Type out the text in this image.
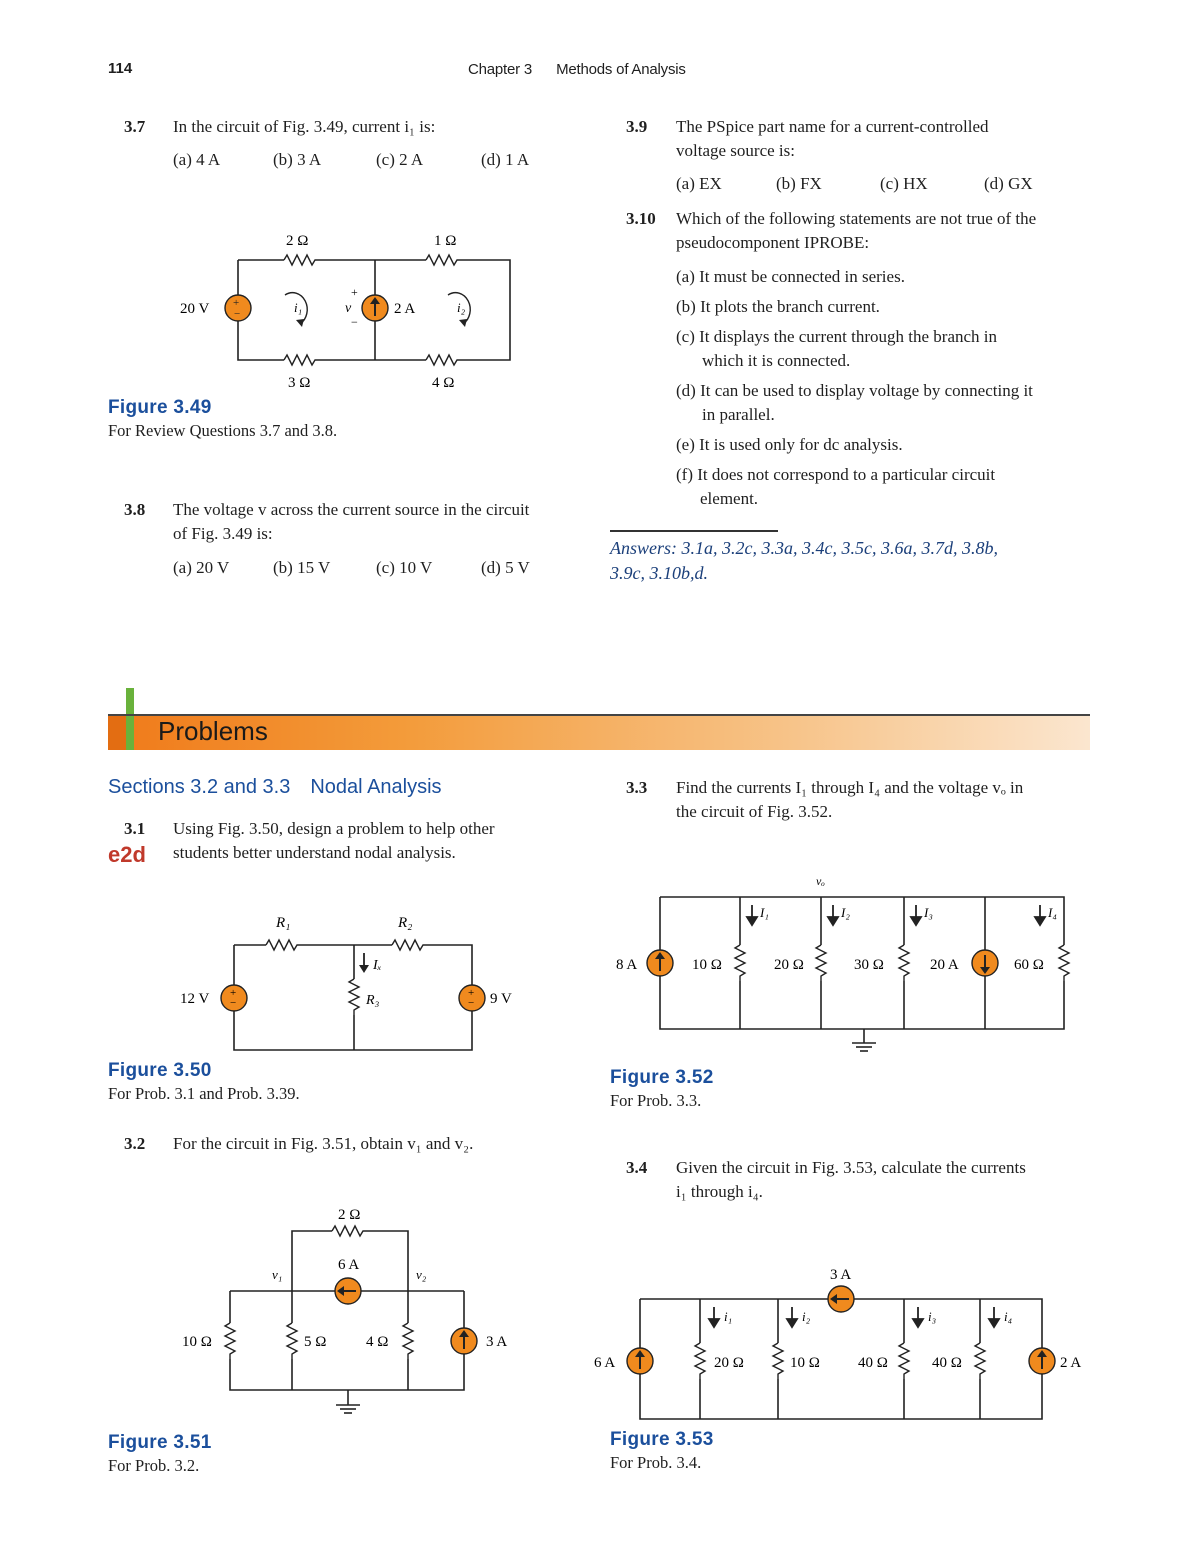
114	Chapter 3 Methods of Analysis
3.7 In the circuit of Fig. 3.49, current i₁ is:
(a) 4 A	(b) 3 A	(c) 2 A	(d) 1 A
+
−
2 Ω	1 Ω
3 Ω	4 Ω
20 V	2 A
v
+
−
i₁	i₂
Figure 3.49
For Review Questions 3.7 and 3.8.
3.8 The voltage v across the current source in the circuit
of Fig. 3.49 is:
(a) 20 V	(b) 15 V	(c) 10 V	(d) 5 V
3.9 The PSpice part name for a current-controlled
voltage source is:
(a) EX	(b) FX	(c) HX	(d) GX
3.10 Which of the following statements are not true of the
pseudocomponent IPROBE:
(a) It must be connected in series.
(b) It plots the branch current.
(c) It displays the current through the branch in
which it is connected.
(d) It can be used to display voltage by connecting it
in parallel.
(e) It is used only for dc analysis.
(f) It does not correspond to a particular circuit
element.
Answers: 3.1a, 3.2c, 3.3a, 3.4c, 3.5c, 3.6a, 3.7d, 3.8b,
3.9c, 3.10b,d.
Problems
Sections 3.2 and 3.3 Nodal Analysis
3.1
e2d
Using Fig. 3.50, design a problem to help other
students better understand nodal analysis.
+
−
+
−
R₁	R₂
R₃
Iₓ
12 V	9 V
Figure 3.50
For Prob. 3.1 and Prob. 3.39.
3.2 For the circuit in Fig. 3.51, obtain v₁ and v₂.
2 Ω
6 A
v₁	v₂
10 Ω	5 Ω	4 Ω	3 A
Figure 3.51
For Prob. 3.2.
3.3 Find the currents I₁ through I₄ and the voltage vₒ in
the circuit of Fig. 3.52.
vₒ
I₁	I₂	I₃	I₄
8 A	10 Ω	20 Ω	30 Ω	20 A	60 Ω
Figure 3.52
For Prob. 3.3.
3.4 Given the circuit in Fig. 3.53, calculate the currents
i₁ through i₄.
3 A
i₁	i₂	i₃	i₄
6 A	20 Ω	10 Ω	40 Ω	40 Ω	2 A
Figure 3.53
For Prob. 3.4.
